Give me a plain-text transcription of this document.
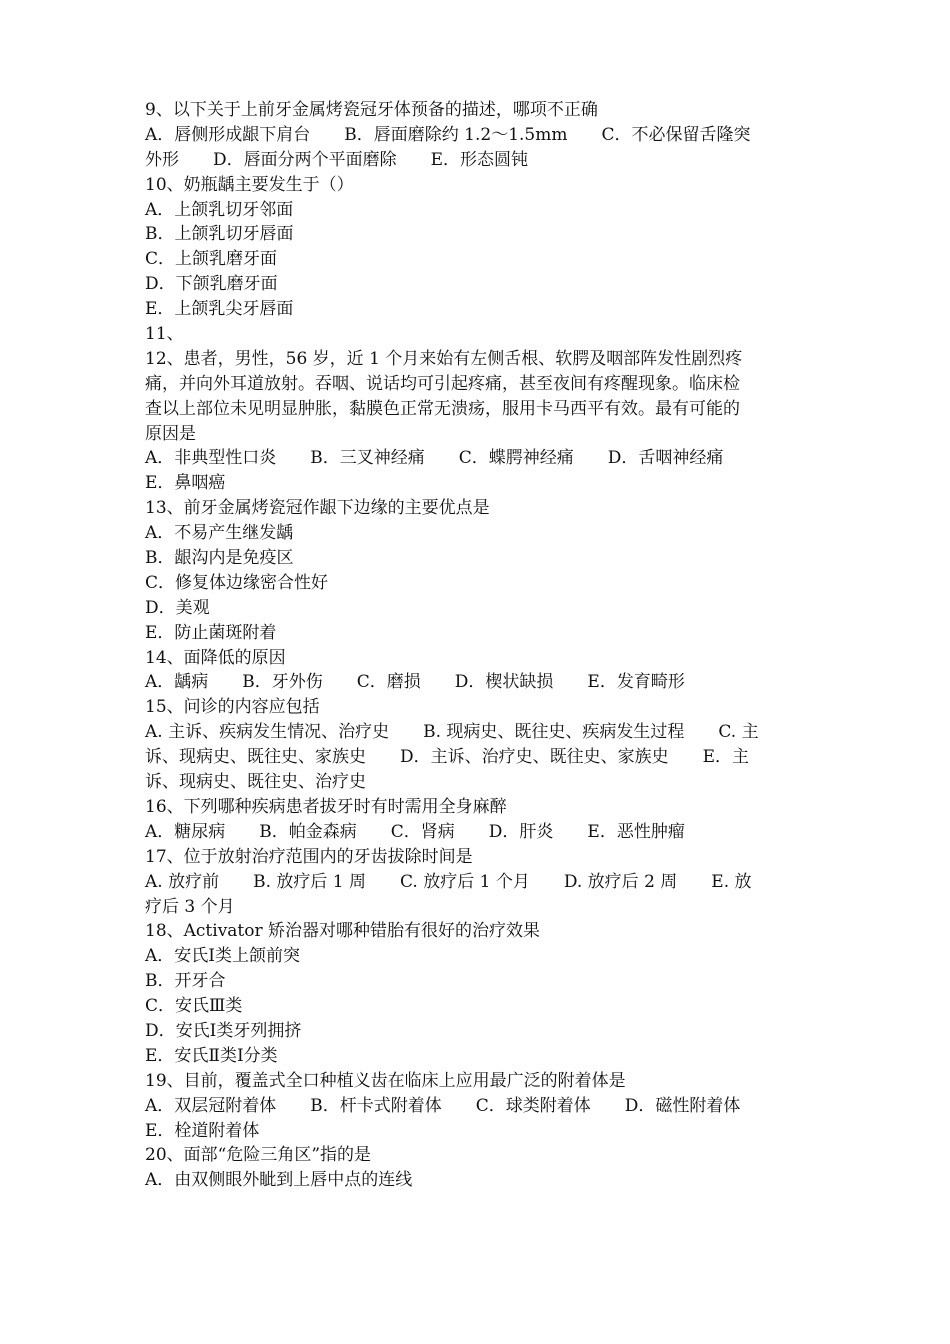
9、以下关于上前牙金属烤瓷冠牙体预备的描述，哪项不正确
A．唇侧形成龈下肩台　　B．唇面磨除约 1.2～1.5mm　　C．不必保留舌隆突
外形　　D．唇面分两个平面磨除　　E．形态圆钝
10、奶瓶龋主要发生于（）
A．上颌乳切牙邻面
B．上颌乳切牙唇面
C．上颌乳磨牙面
D．下颌乳磨牙面
E．上颌乳尖牙唇面
11、
12、患者，男性，56 岁，近 1 个月来始有左侧舌根、软腭及咽部阵发性剧烈疼
痛，并向外耳道放射。吞咽、说话均可引起疼痛，甚至夜间有疼醒现象。临床检
查以上部位未见明显肿胀，黏膜色正常无溃疡，服用卡马西平有效。最有可能的
原因是
A．非典型性口炎　　B．三叉神经痛　　C．蝶腭神经痛　　D．舌咽神经痛
E．鼻咽癌
13、前牙金属烤瓷冠作龈下边缘的主要优点是
A．不易产生继发龋
B．龈沟内是免疫区
C．修复体边缘密合性好
D．美观
E．防止菌斑附着
14、面降低的原因
A．龋病　　B．牙外伤　　C．磨损　　D．楔状缺损　　E．发育畸形
15、问诊的内容应包括
A. 主诉、疾病发生情况、治疗史　　B. 现病史、既往史、疾病发生过程　　C. 主
诉、现病史、既往史、家族史　　D．主诉、治疗史、既往史、家族史　　E．主
诉、现病史、既往史、治疗史
16、下列哪种疾病患者拔牙时有时需用全身麻醉
A．糖尿病　　B．帕金森病　　C．肾病　　D．肝炎　　E．恶性肿瘤
17、位于放射治疗范围内的牙齿拔除时间是
A. 放疗前　　B. 放疗后 1 周　　C. 放疗后 1 个月　　D. 放疗后 2 周　　E. 放
疗后 3 个月
18、Activator 矫治器对哪种错胎有很好的治疗效果
A．安氏Ⅰ类上颌前突
B．开牙合
C．安氏Ⅲ类
D．安氏Ⅰ类牙列拥挤
E．安氏Ⅱ类Ⅰ分类
19、目前，覆盖式全口种植义齿在临床上应用最广泛的附着体是
A．双层冠附着体　　B．杆卡式附着体　　C．球类附着体　　D．磁性附着体
E．栓道附着体
20、面部“危险三角区”指的是
A．由双侧眼外眦到上唇中点的连线
